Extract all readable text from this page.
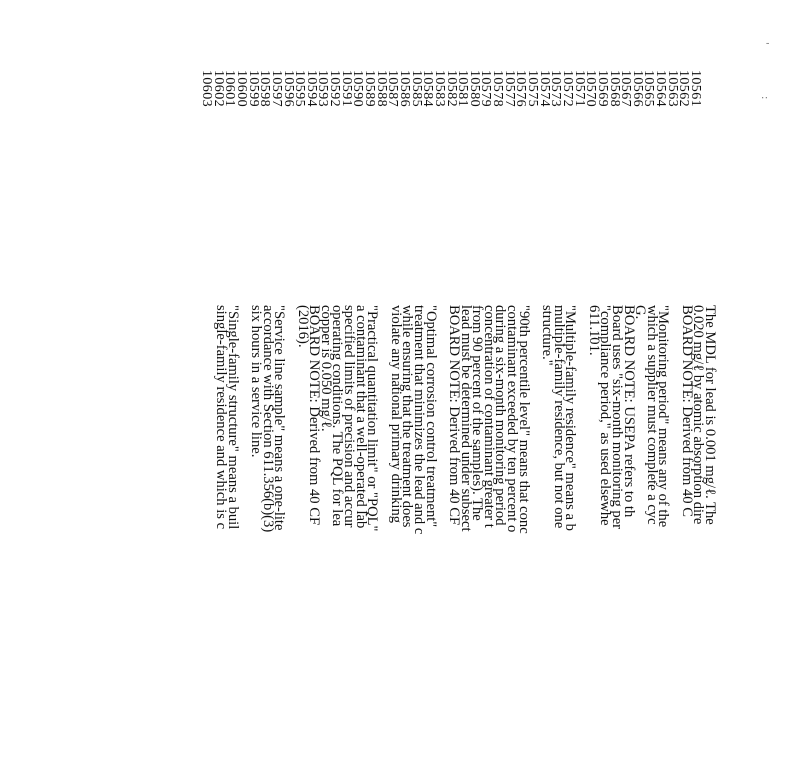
'
:
10561
10562
10563
10564
10565
10566
10567
10568
10569
10570
10571
10572
10573
10574
10575
10576
10577
10578
10579
10580
10581
10582
10583
10584
10585
10586
10587
10588
10589
10590
10591
10592
10593
10594
10595
10596
10597
10598
10599
10600
10601
10602
10603
The MDL for lead is 0.001 mg/ℓ. The
0.020 mg/ℓ by atomic absorption dire
BOARD NOTE: Derived from 40 C
"Monitoring period" means any of the
which a supplier must complete a cyc
G.
BOARD NOTE: USEPA refers to th
Board uses "six-month monitoring per
"compliance period," as used elsewhe
611.101.
"Multiple-family residence" means a b
multiple-family residence, but not one
structure."
"90th percentile level" means that conc
contaminant exceeded by ten percent o
during a six-month monitoring period
concentration of contaminant greater t
from 90 percent of the samples). The
lead must be determined under subsect
BOARD NOTE: Derived from 40 CF
"Optimal corrosion control treatment"
treatment that minimizes the lead and c
while ensuring that the treatment does
violate any national primary drinking
"Practical quantitation limit" or "PQL"
a contaminant that a well-operated lab
specified limits of precision and accur
operating conditions. The PQL for lea
copper is 0.050 mg/ℓ.
BOARD NOTE: Derived from 40 CF
(2016).
"Service line sample" means a one-lite
accordance with Section 611.356(b)(3)
six hours in a service line.
"Single-family structure" means a buil
single-family residence and which is c
